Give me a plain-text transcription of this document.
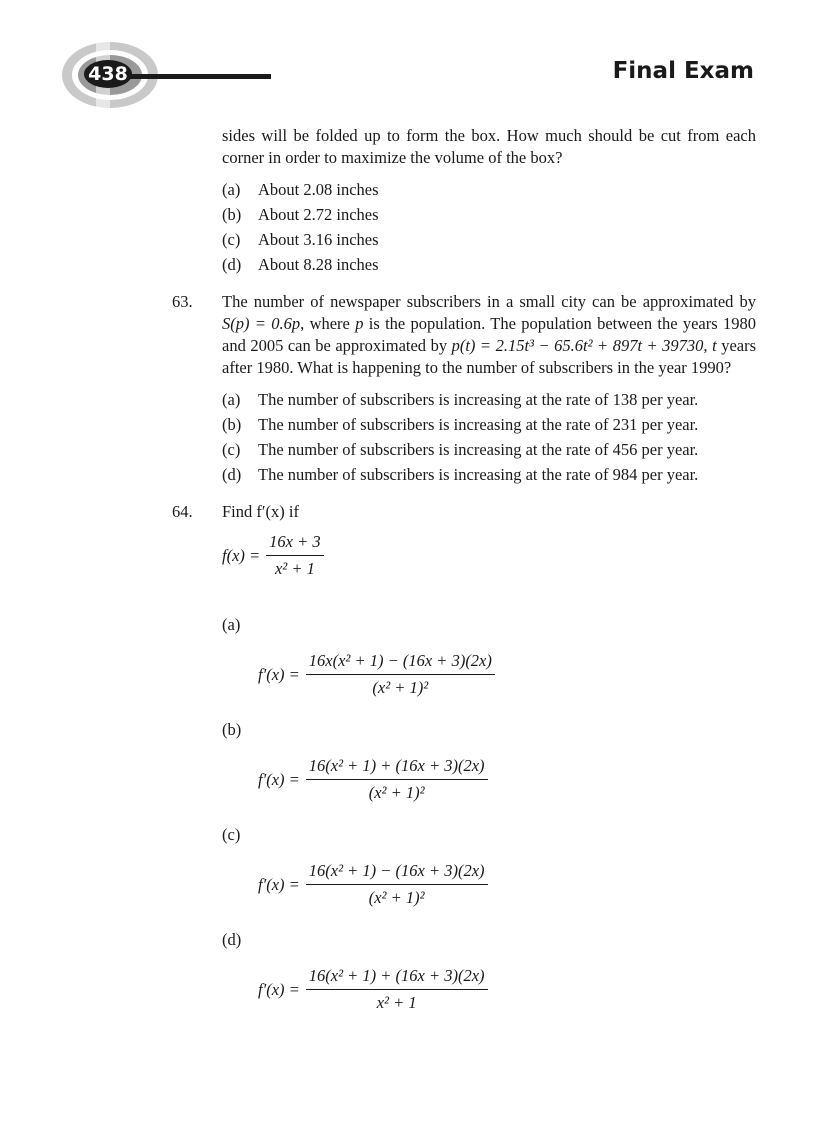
438	Final Exam

sides will be folded up to form the box. How much should be cut from each corner in order to maximize the volume of the box?

(a) About 2.08 inches
(b) About 2.72 inches
(c) About 3.16 inches
(d) About 8.28 inches
63. The number of newspaper subscribers in a small city can be approximated by S(p) = 0.6p, where p is the population. The population between the years 1980 and 2005 can be approximated by p(t) = 2.15t³ − 65.6t² + 897t + 39730, t years after 1980. What is happening to the number of subscribers in the year 1990?

(a) The number of subscribers is increasing at the rate of 138 per year.
(b) The number of subscribers is increasing at the rate of 231 per year.
(c) The number of subscribers is increasing at the rate of 456 per year.
(d) The number of subscribers is increasing at the rate of 984 per year.
64. Find f′(x) if

$f(x) = \frac{16x + 3}{\text{x² + 1}}$
(a)
$f'(x) = \frac{\text{16x(x² + 1) − (16x + 3)(2x)}}{\text{(x² + 1)²}}$
(b)
$f'(x) = \frac{\text{16(x² + 1) + (16x + 3)(2x)}}{\text{(x² + 1)²}}$
(c)
$f'(x) = \frac{\text{16(x² + 1) − (16x + 3)(2x)}}{\text{(x² + 1)²}}$
(d)
$f'(x) = \frac{\text{16(x² + 1) + (16x + 3)(2x)}}{\text{x² + 1}}$
